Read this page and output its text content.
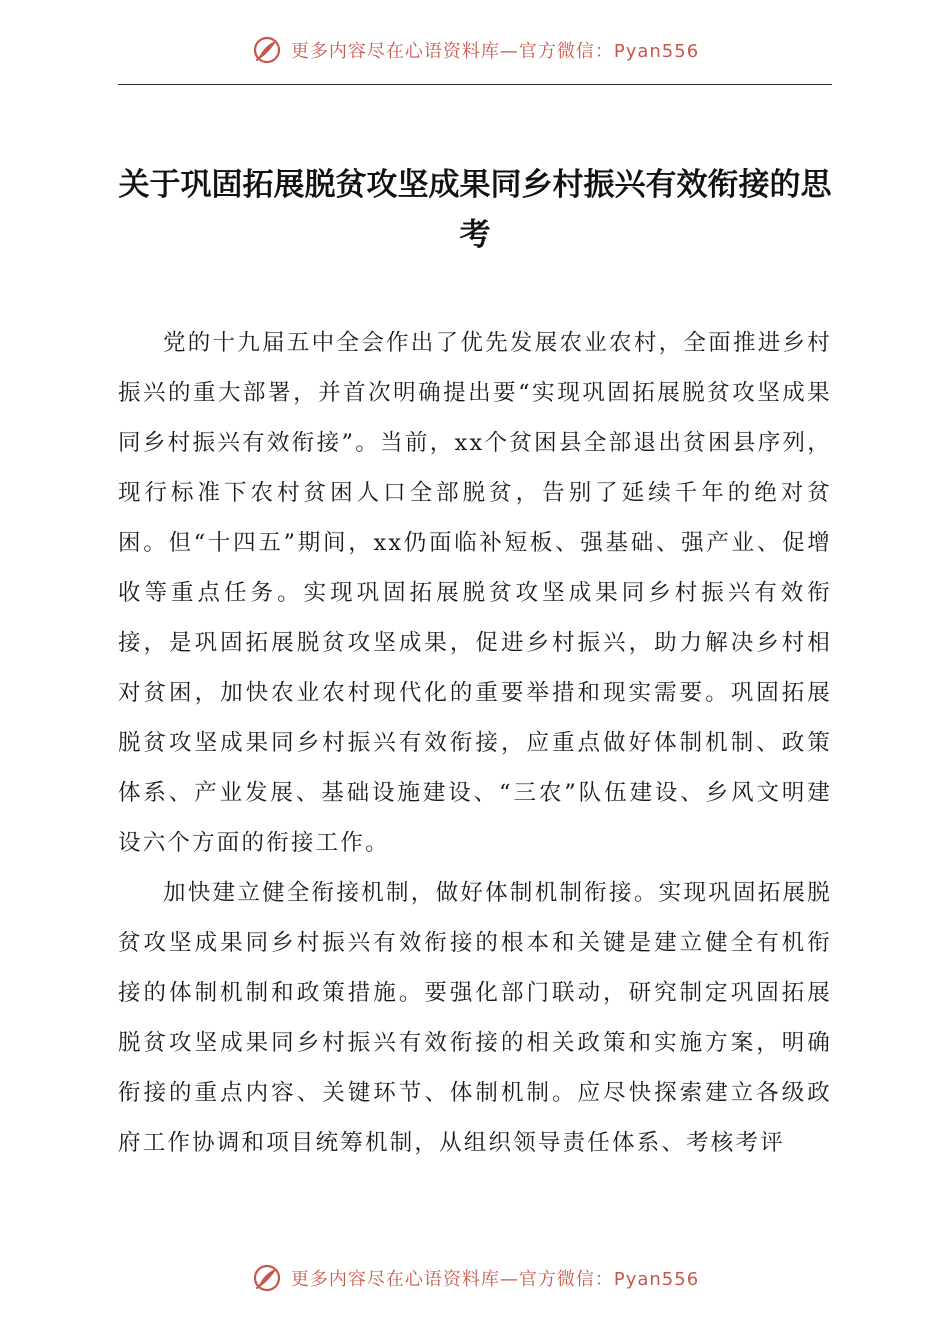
更多内容尽在心语资料库—官方微信：Pyan556
关于巩固拓展脱贫攻坚成果同乡村振兴有效衔接的思考

党的十九届五中全会作出了优先发展农业农村，全面推进乡村振兴的重大部署，并首次明确提出要“实现巩固拓展脱贫攻坚成果同乡村振兴有效衔接”。当前，xx个贫困县全部退出贫困县序列，现行标准下农村贫困人口全部脱贫，告别了延续千年的绝对贫困。但“十四五”期间，xx仍面临补短板、强基础、强产业、促增收等重点任务。实现巩固拓展脱贫攻坚成果同乡村振兴有效衔接，是巩固拓展脱贫攻坚成果，促进乡村振兴，助力解决乡村相对贫困，加快农业农村现代化的重要举措和现实需要。巩固拓展脱贫攻坚成果同乡村振兴有效衔接，应重点做好体制机制、政策体系、产业发展、基础设施建设、“三农”队伍建设、乡风文明建设六个方面的衔接工作。

加快建立健全衔接机制，做好体制机制衔接。实现巩固拓展脱贫攻坚成果同乡村振兴有效衔接的根本和关键是建立健全有机衔接的体制机制和政策措施。要强化部门联动，研究制定巩固拓展脱贫攻坚成果同乡村振兴有效衔接的相关政策和实施方案，明确衔接的重点内容、关键环节、体制机制。应尽快探索建立各级政府工作协调和项目统筹机制，从组织领导责任体系、考核考评

更多内容尽在心语资料库—官方微信：Pyan556
